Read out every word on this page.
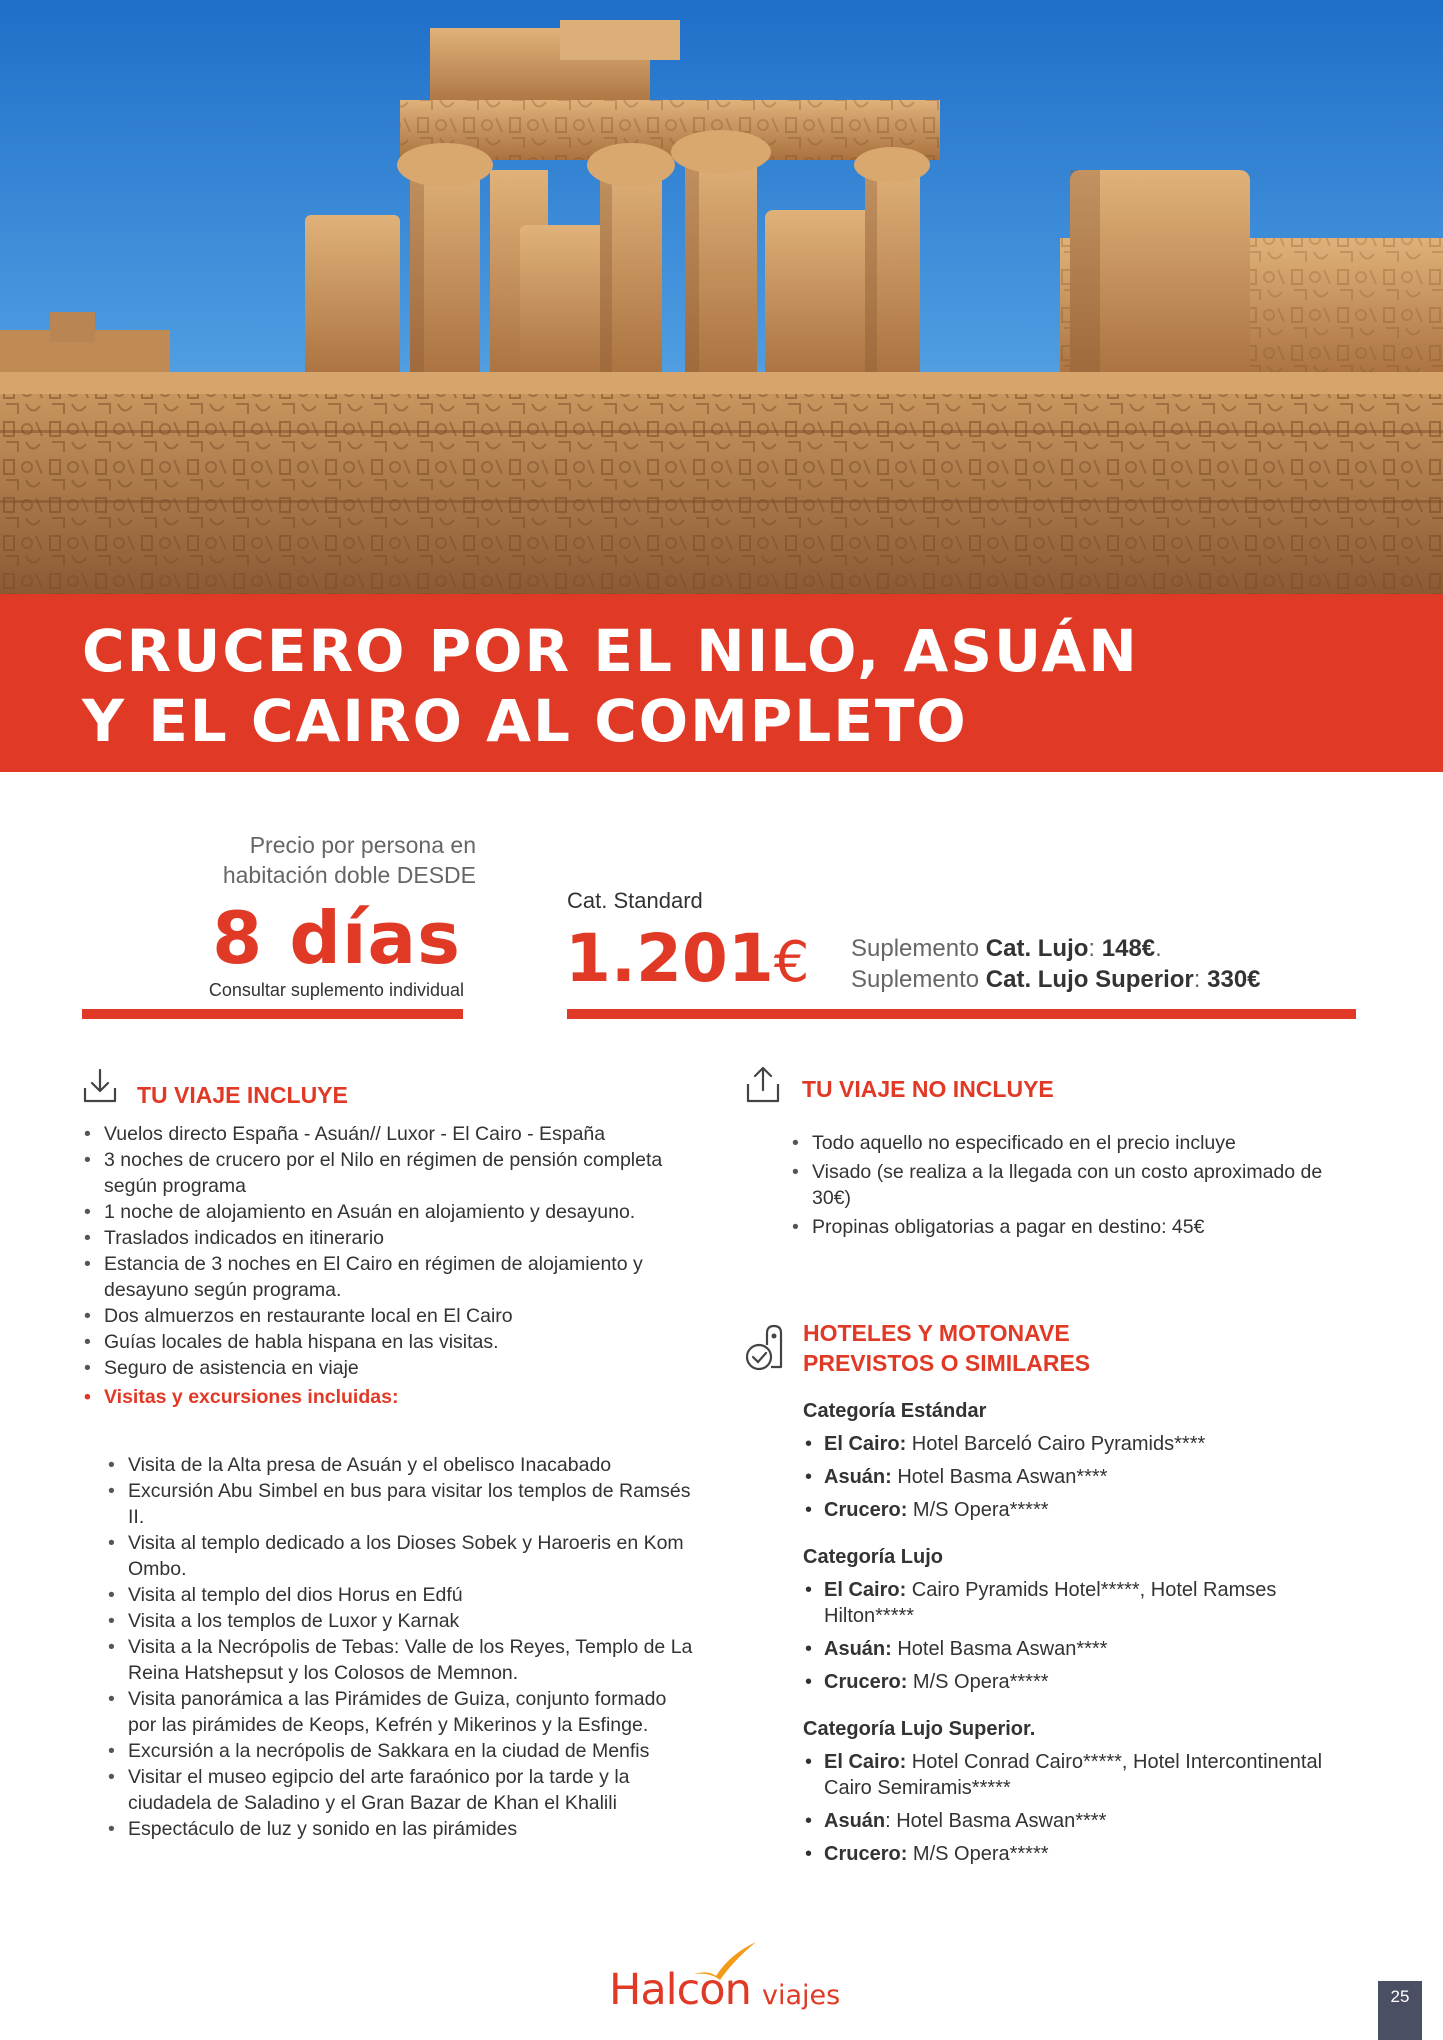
CRUCERO POR EL NILO, ASUÁN
Y EL CAIRO AL COMPLETO
Precio por persona en
habitación doble DESDE
8 días
Consultar suplemento individual
Cat. Standard
1.201€ Suplemento Cat. Lujo: 148€.
Suplemento Cat. Lujo Superior: 330€
TU VIAJE INCLUYE
• Vuelos directo España - Asuán// Luxor - El Cairo - España
• 3 noches de crucero por el Nilo en régimen de pensión completa según programa
• 1 noche de alojamiento en Asuán en alojamiento y desayuno.
• Traslados indicados en itinerario
• Estancia de 3 noches en El Cairo en régimen de alojamiento y desayuno según programa.
• Dos almuerzos en restaurante local en El Cairo
• Guías locales de habla hispana en las visitas.
• Seguro de asistencia en viaje
• Visitas y excursiones incluidas:
• Visita de la Alta presa de Asuán y el obelisco Inacabado
• Excursión Abu Simbel en bus para visitar los templos de Ramsés II.
• Visita al templo dedicado a los Dioses Sobek y Haroeris en Kom Ombo.
• Visita al templo del dios Horus en Edfú
• Visita a los templos de Luxor y Karnak
• Visita a la Necrópolis de Tebas: Valle de los Reyes, Templo de La Reina Hatshepsut y los Colosos de Memnon.
• Visita panorámica a las Pirámides de Guiza, conjunto formado por las pirámides de Keops, Kefrén y Mikerinos y la Esfinge.
• Excursión a la necrópolis de Sakkara en la ciudad de Menfis
• Visitar el museo egipcio del arte faraónico por la tarde y la ciudadela de Saladino y el Gran Bazar de Khan el Khalili
• Espectáculo de luz y sonido en las pirámides
TU VIAJE NO INCLUYE
• Todo aquello no especificado en el precio incluye
• Visado (se realiza a la llegada con un costo aproximado de 30€)
• Propinas obligatorias a pagar en destino: 45€
HOTELES Y MOTONAVE
PREVISTOS O SIMILARES
Categoría Estándar
• El Cairo: Hotel Barceló Cairo Pyramids****
• Asuán: Hotel Basma Aswan****
• Crucero: M/S Opera*****
Categoría Lujo
• El Cairo: Cairo Pyramids Hotel*****, Hotel Ramses Hilton*****
• Asuán: Hotel Basma Aswan****
• Crucero: M/S Opera*****
Categoría Lujo Superior.
• El Cairo: Hotel Conrad Cairo*****, Hotel Intercontinental Cairo Semiramis*****
• Asuán: Hotel Basma Aswan****
• Crucero: M/S Opera*****
Halcon viajes	25
